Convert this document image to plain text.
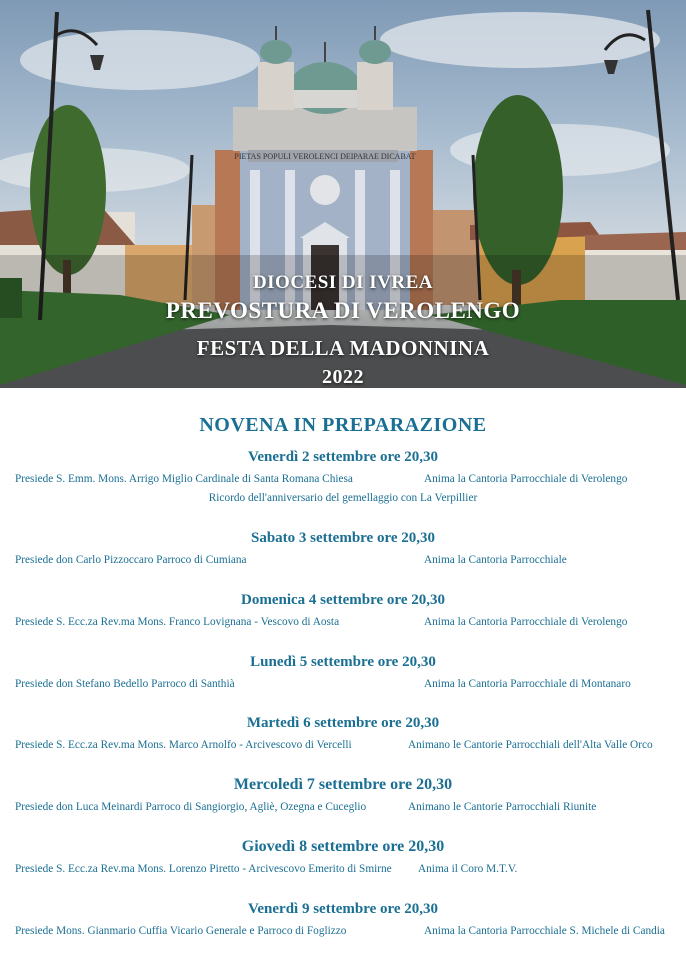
PIETAS POPULI VEROLENCI DEIPARAE DICABAT
DIOCESI DI IVREA
PREVOSTURA DI VEROLENGO
FESTA DELLA MADONNINA
2022
NOVENA IN PREPARAZIONE
Venerdì 2 settembre ore 20,30
Presiede S. Emm. Mons. Arrigo Miglio Cardinale di Santa Romana Chiesa	Anima la Cantoria Parrocchiale di Verolengo
Ricordo dell'anniversario del gemellaggio con La Verpillier
Sabato 3 settembre ore 20,30
Presiede don Carlo Pizzoccaro Parroco di Cumiana	Anima la Cantoria Parrocchiale
Domenica 4 settembre ore 20,30
Presiede S. Ecc.za Rev.ma Mons. Franco Lovignana - Vescovo di Aosta	Anima la Cantoria Parrocchiale di Verolengo
Lunedì 5 settembre ore 20,30
Presiede don Stefano Bedello Parroco di Santhià	Anima la Cantoria Parrocchiale di Montanaro
Martedì 6 settembre ore 20,30
Presiede S. Ecc.za Rev.ma Mons. Marco Arnolfo - Arcivescovo di Vercelli	Animano le Cantorie Parrocchiali dell'Alta Valle Orco
Mercoledì 7 settembre ore 20,30
Presiede don Luca Meinardi Parroco di Sangiorgio, Agliè, Ozegna e Cuceglio	Animano le Cantorie Parrocchiali Riunite
Giovedì 8 settembre ore 20,30
Presiede S. Ecc.za Rev.ma Mons. Lorenzo Piretto - Arcivescovo Emerito di Smirne Anima il Coro M.T.V.
Venerdì 9 settembre ore 20,30
Presiede Mons. Gianmario Cuffia Vicario Generale e Parroco di Foglizzo	Anima la Cantoria Parrocchiale S. Michele di Candia
